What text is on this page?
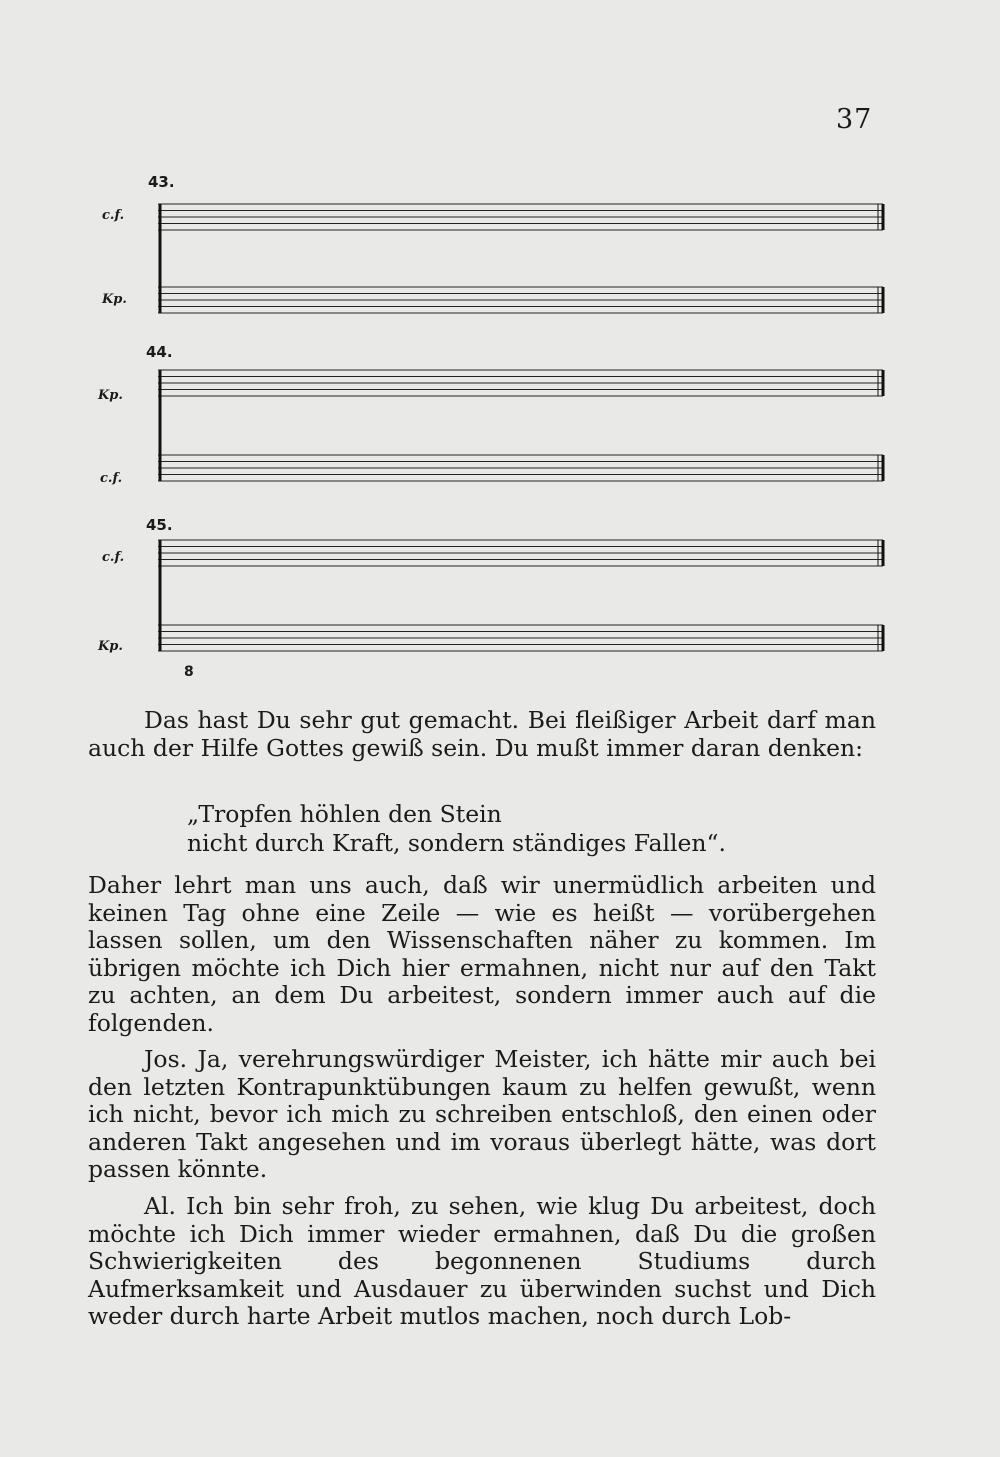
37
43.
c.f.
Kp.
44.
Kp.
c.f.
45.
c.f.
Kp.
8

Das hast Du sehr gut gemacht. Bei fleißiger Arbeit darf man auch der Hilfe Gottes gewiß sein. Du mußt immer daran denken:

„Tropfen höhlen den Stein
nicht durch Kraft, sondern ständiges Fallen“.

Daher lehrt man uns auch, daß wir unermüdlich arbeiten und keinen Tag ohne eine Zeile — wie es heißt — vorübergehen lassen sollen, um den Wissenschaften näher zu kommen. Im übrigen möchte ich Dich hier ermahnen, nicht nur auf den Takt zu achten, an dem Du arbeitest, sondern immer auch auf die folgenden.

Jos. Ja, verehrungswürdiger Meister, ich hätte mir auch bei den letzten Kontrapunktübungen kaum zu helfen gewußt, wenn ich nicht, bevor ich mich zu schreiben entschloß, den einen oder anderen Takt angesehen und im voraus überlegt hätte, was dort passen könnte.

Al. Ich bin sehr froh, zu sehen, wie klug Du arbeitest, doch möchte ich Dich immer wieder ermahnen, daß Du die großen Schwierigkeiten des begonnenen Studiums durch Aufmerksamkeit und Ausdauer zu überwinden suchst und Dich weder durch harte Arbeit mutlos machen, noch durch Lob-
